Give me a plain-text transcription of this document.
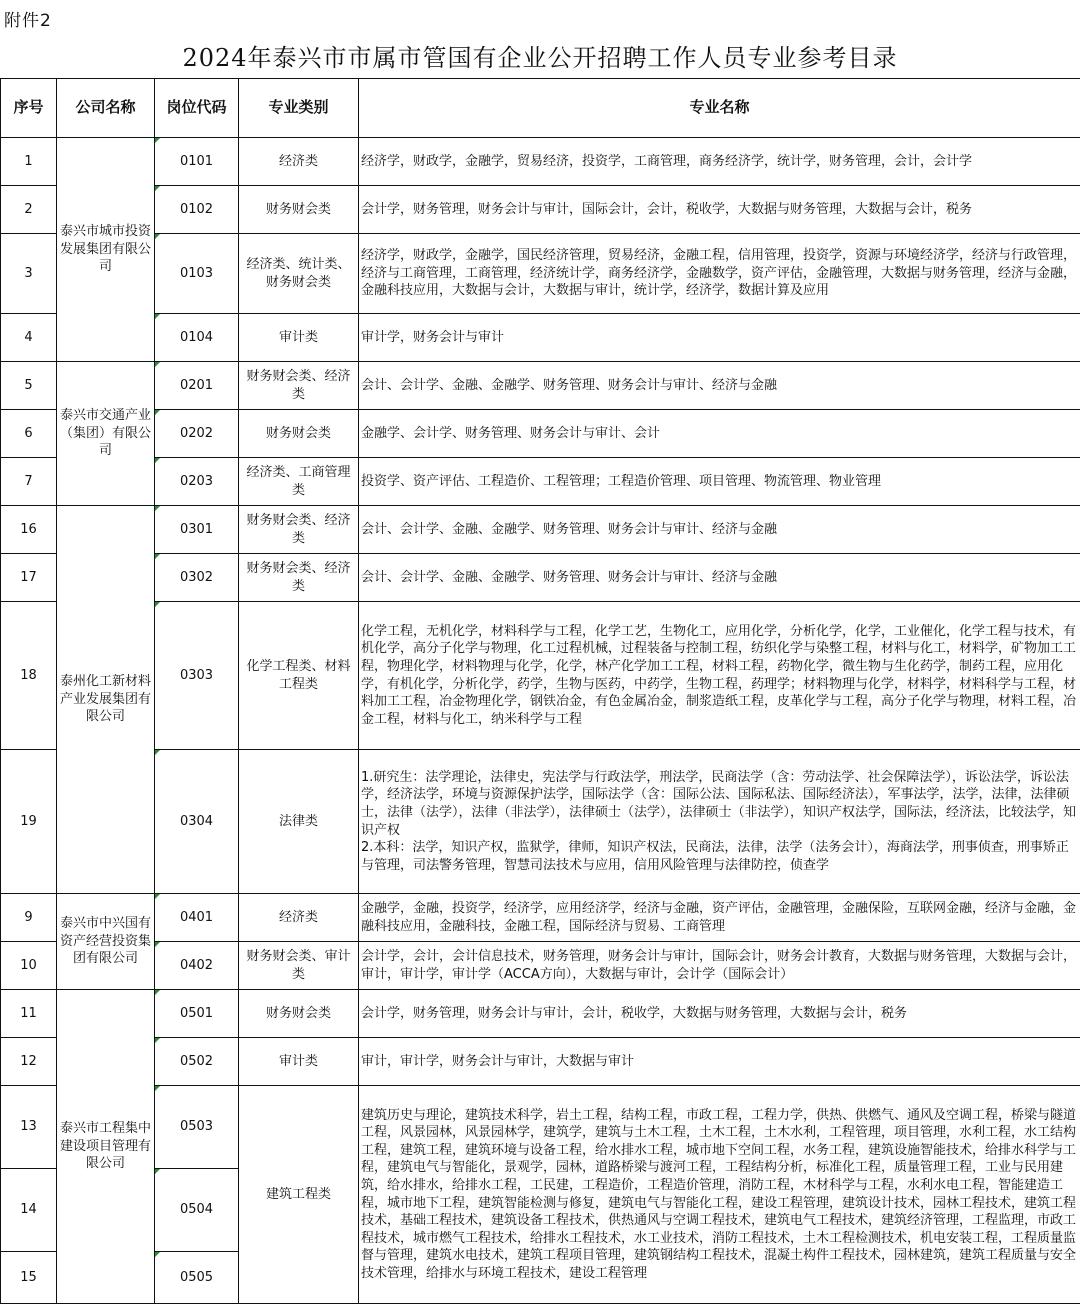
附件2
2024年泰兴市市属市管国有企业公开招聘工作人员专业参考目录
序号	公司名称	岗位代码	专业类别	专业名称
1	泰兴市城市投资发展集团有限公司	0101	经济类	经济学，财政学，金融学，贸易经济，投资学，工商管理，商务经济学，统计学，财务管理，会计，会计学
2		0102	财务财会类	会计学，财务管理，财务会计与审计，国际会计，会计，税收学，大数据与财务管理，大数据与会计，税务
3		0103	经济类、统计类、财务财会类	经济学，财政学，金融学，国民经济管理，贸易经济，金融工程，信用管理，投资学，资源与环境经济学，经济与行政管理，经济与工商管理，工商管理，经济统计学，商务经济学，金融数学，资产评估，金融管理，大数据与财务管理，经济与金融，金融科技应用，大数据与会计，大数据与审计，统计学，经济学，数据计算及应用
4		0104	审计类	审计学，财务会计与审计
5	泰兴市交通产业（集团）有限公司	0201	财务财会类、经济类	会计、会计学、金融、金融学、财务管理、财务会计与审计、经济与金融
6		0202	财务财会类	金融学、会计学、财务管理、财务会计与审计、会计
7		0203	经济类、工商管理类	投资学、资产评估、工程造价、工程管理；工程造价管理、项目管理、物流管理、物业管理
16	泰州化工新材料产业发展集团有限公司	0301	财务财会类、经济类	会计、会计学、金融、金融学、财务管理、财务会计与审计、经济与金融
17		0302	财务财会类、经济类	会计、会计学、金融、金融学、财务管理、财务会计与审计、经济与金融
18		0303	化学工程类、材料工程类	化学工程，无机化学，材料科学与工程，化学工艺，生物化工，应用化学，分析化学，化学，工业催化，化学工程与技术，有机化学，高分子化学与物理，化工过程机械，过程装备与控制工程，纺织化学与染整工程，材料与化工，材料学，矿物加工工程，物理化学，材料物理与化学，化学，林产化学加工工程，材料工程，药物化学，微生物与生化药学，制药工程，应用化学，有机化学，分析化学，药学，生物与医药，中药学，生物工程，药理学；材料物理与化学，材料学，材料科学与工程，材料加工工程，冶金物理化学，钢铁冶金，有色金属冶金，制浆造纸工程，皮革化学与工程，高分子化学与物理，材料工程，冶金工程，材料与化工，纳米科学与工程
19		0304	法律类	1.研究生：法学理论，法律史，宪法学与行政法学，刑法学，民商法学（含：劳动法学、社会保障法学），诉讼法学，诉讼法学，经济法学，环境与资源保护法学，国际法学（含：国际公法、国际私法、国际经济法），军事法学，法学，法律，法律硕士，法律（法学），法律（非法学），法律硕士（法学），法律硕士（非法学），知识产权法学，国际法，经济法，比较法学，知识产权
2.本科：法学，知识产权，监狱学，律师，知识产权法，民商法，法律，法学（法务会计），海商法学，刑事侦查，刑事矫正与管理，司法警务管理，智慧司法技术与应用，信用风险管理与法律防控，侦查学

9	泰兴市中兴国有资产经营投资集团有限公司	0401	经济类	金融学，金融，投资学，经济学，应用经济学，经济与金融，资产评估，金融管理，金融保险，互联网金融，经济与金融，金融科技应用，金融科技，金融工程，国际经济与贸易、工商管理
10		0402	财务财会类、审计类	会计学，会计，会计信息技术，财务管理，财务会计与审计，国际会计，财务会计教育，大数据与财务管理，大数据与会计，审计，审计学，审计学（ACCA方向），大数据与审计，会计学（国际会计）
11	泰兴市工程集中建设项目管理有限公司	0501	财务财会类	会计学，财务管理，财务会计与审计，会计，税收学，大数据与财务管理，大数据与会计，税务
12		0502	审计类	审计，审计学，财务会计与审计，大数据与审计
13		0503	建筑工程类	建筑历史与理论，建筑技术科学，岩土工程，结构工程，市政工程，工程力学，供热、供燃气、通风及空调工程，桥梁与隧道工程，风景园林，风景园林学，建筑学，建筑与土木工程，土木工程，土木水利，工程管理，项目管理，水利工程，水工结构工程，建筑工程，建筑环境与设备工程，给水排水工程，城市地下空间工程，水务工程，建筑设施智能技术，给排水科学与工程，建筑电气与智能化，景观学，园林，道路桥梁与渡河工程，工程结构分析，标准化工程，质量管理工程，工业与民用建筑，给水排水，给排水工程，工民建，工程造价，工程造价管理，消防工程，木材科学与工程，水利水电工程，智能建造工程，城市地下工程，建筑智能检测与修复，建筑电气与智能化工程，建设工程管理，建筑设计技术，园林工程技术，建筑工程技术，基础工程技术，建筑设备工程技术，供热通风与空调工程技术，建筑电气工程技术，建筑经济管理，工程监理，市政工程技术，城市燃气工程技术，给排水工程技术，水工业技术，消防工程技术，土木工程检测技术，机电安装工程，工程质量监督与管理，建筑水电技术，建筑工程项目管理，建筑钢结构工程技术，混凝土构件工程技术，园林建筑，建筑工程质量与安全技术管理，给排水与环境工程技术，建设工程管理
14		0504		
15		0505		
